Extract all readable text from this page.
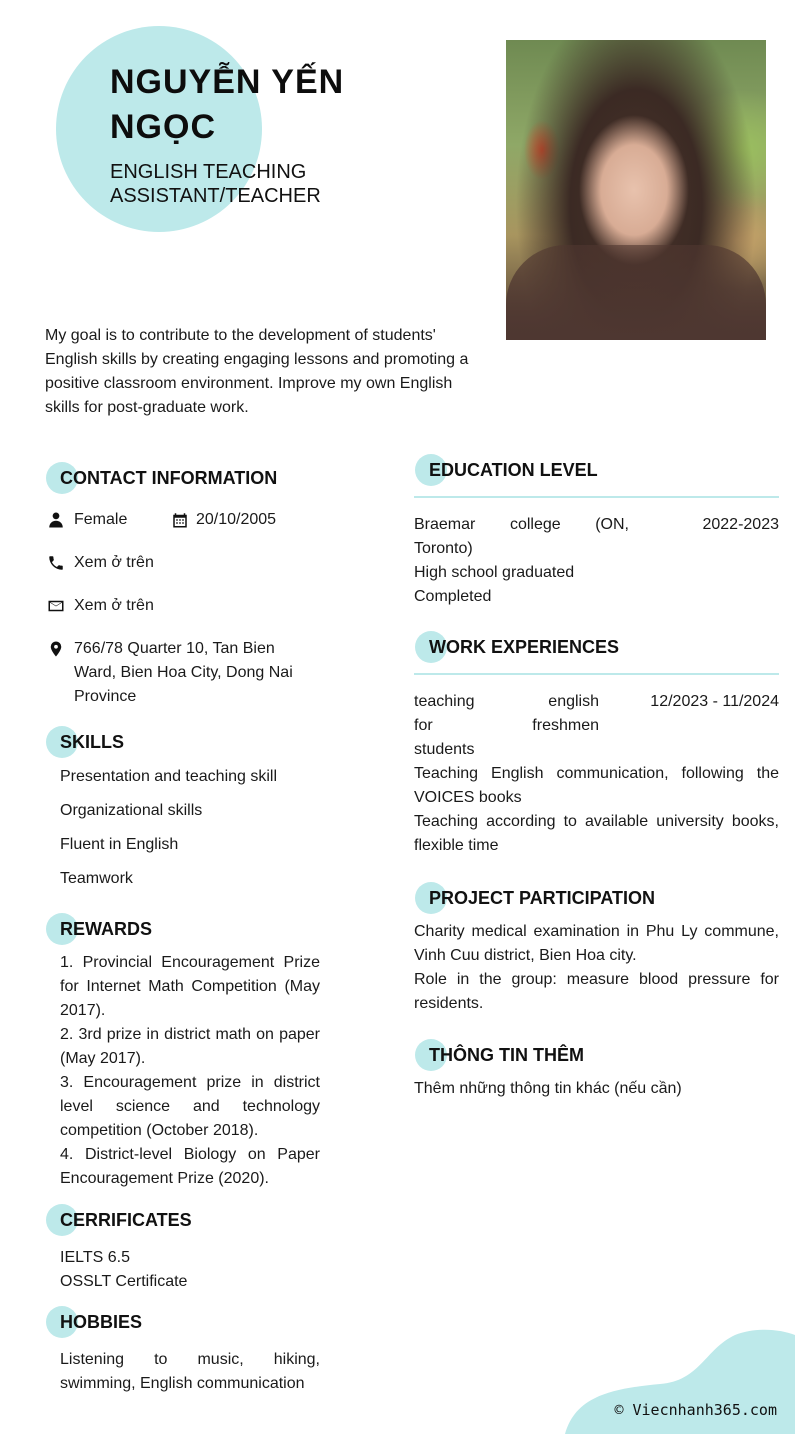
NGUYỄN YẾN NGỌC
ENGLISH TEACHING ASSISTANT/TEACHER
My goal is to contribute to the development of students' English skills by creating engaging lessons and promoting a positive classroom environment. Improve my own English skills for post-graduate work.
CONTACT INFORMATION
Female	20/10/2005
Xem ở trên
Xem ở trên
766/78 Quarter 10, Tan Bien Ward, Bien Hoa City, Dong Nai Province
SKILLS
Presentation and teaching skill
Organizational skills
Fluent in English
Teamwork
REWARDS
1. Provincial Encouragement Prize for Internet Math Competition (May 2017).
2. 3rd prize in district math on paper (May 2017).
3. Encouragement prize in district level science and technology competition (October 2018).
4. District-level Biology on Paper Encouragement Prize (2020).
CERRIFICATES
IELTS 6.5
OSSLT Certificate
HOBBIES
Listening to music, hiking, swimming, English communication
EDUCATION LEVEL
Braemar college (ON, Toronto)
2022-2023
High school graduated
Completed
WORK EXPERIENCES
teaching english for freshmen students
12/2023 - 11/2024
Teaching English communication, following the VOICES books
Teaching according to available university books, flexible time
PROJECT PARTICIPATION
Charity medical examination in Phu Ly commune, Vinh Cuu district, Bien Hoa city.
Role in the group: measure blood pressure for residents.
THÔNG TIN THÊM
Thêm những thông tin khác (nếu cần)
© Viecnhanh365.com
